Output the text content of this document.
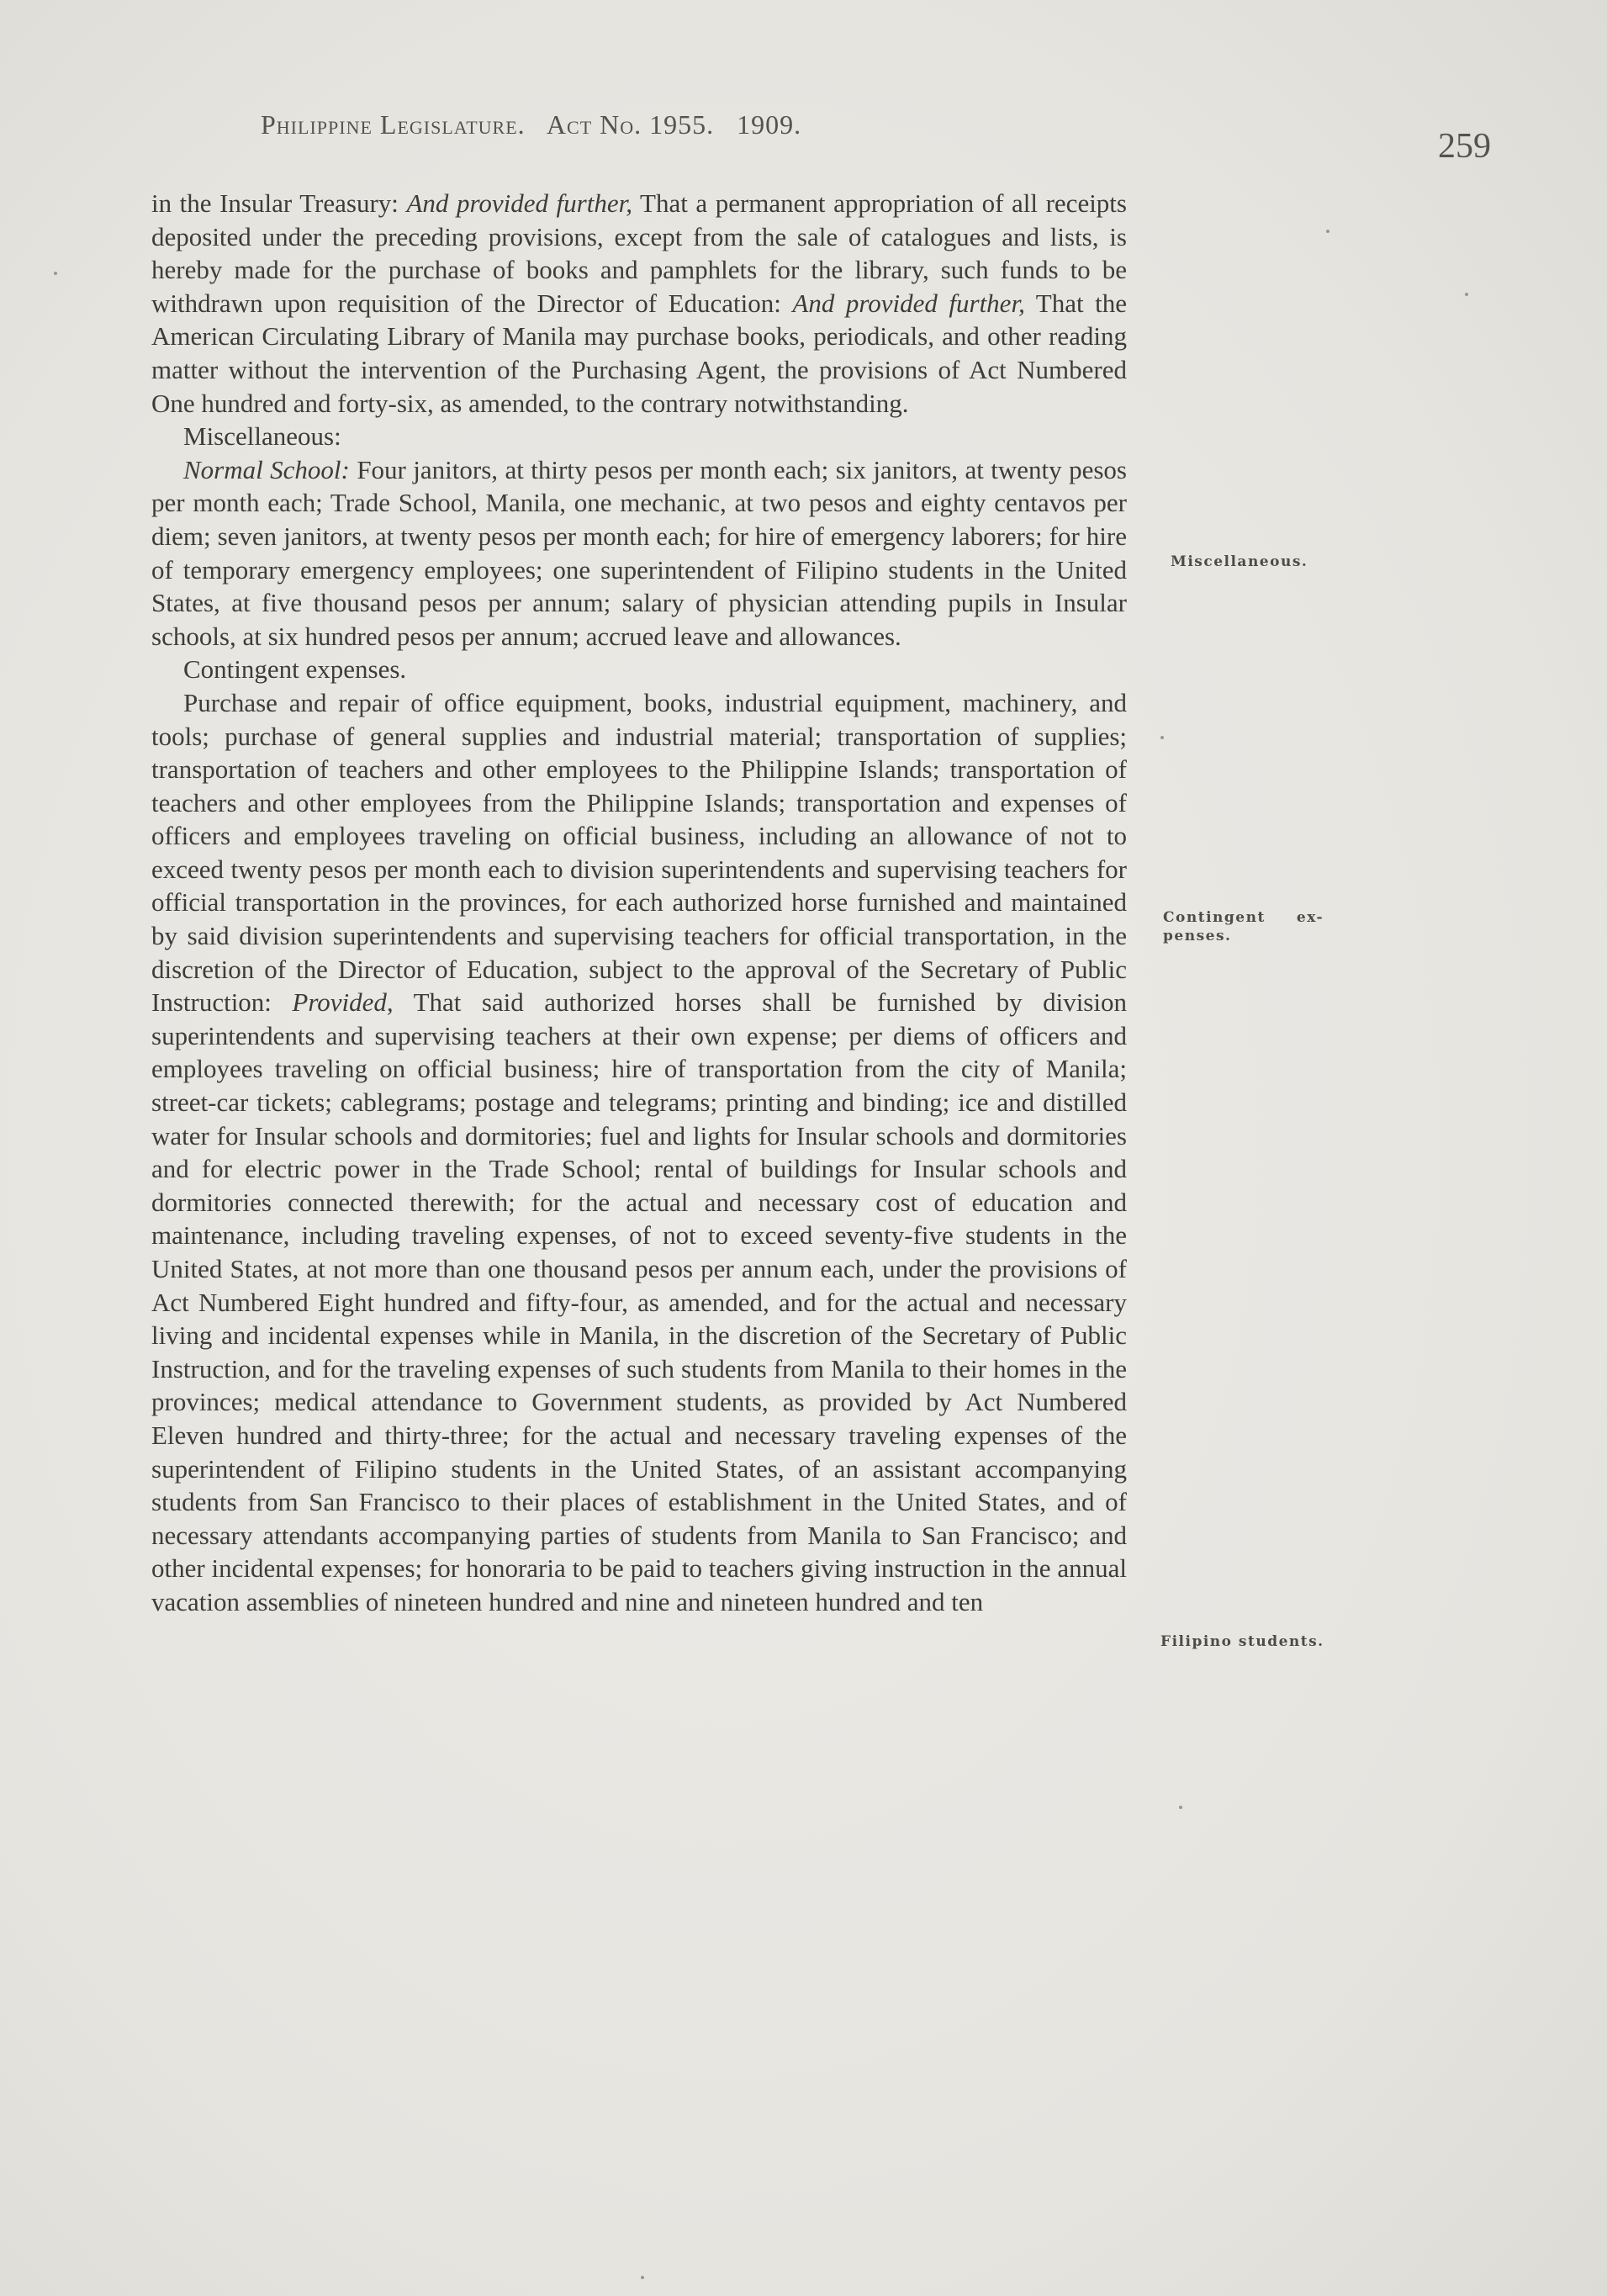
Philippine Legislature. Act No. 1955. 1909.
259

in the Insular Treasury: And provided further, That a permanent appropriation of all receipts deposited under the preceding provisions, except from the sale of catalogues and lists, is hereby made for the purchase of books and pamphlets for the library, such funds to be withdrawn upon requisition of the Director of Education: And provided further, That the American Circulating Library of Manila may purchase books, periodicals, and other reading matter without the intervention of the Purchasing Agent, the provisions of Act Numbered One hundred and forty-six, as amended, to the contrary notwithstanding.

Miscellaneous:

Normal School: Four janitors, at thirty pesos per month each; six janitors, at twenty pesos per month each; Trade School, Manila, one mechanic, at two pesos and eighty centavos per diem; seven janitors, at twenty pesos per month each; for hire of emergency laborers; for hire of temporary emergency employees; one superintendent of Filipino students in the United States, at five thousand pesos per annum; salary of physician attending pupils in Insular schools, at six hundred pesos per annum; accrued leave and allowances.

Contingent expenses.

Purchase and repair of office equipment, books, industrial equipment, machinery, and tools; purchase of general supplies and industrial material; transportation of supplies; transportation of teachers and other employees to the Philippine Islands; transportation of teachers and other employees from the Philippine Islands; transportation and expenses of officers and employees traveling on official business, including an allowance of not to exceed twenty pesos per month each to division superintendents and supervising teachers for official transportation in the provinces, for each authorized horse furnished and maintained by said division superintendents and supervising teachers for official transportation, in the discretion of the Director of Education, subject to the approval of the Secretary of Public Instruction: Provided, That said authorized horses shall be furnished by division superintendents and supervising teachers at their own expense; per diems of officers and employees traveling on official business; hire of transportation from the city of Manila; street-car tickets; cablegrams; postage and telegrams; printing and binding; ice and distilled water for Insular schools and dormitories; fuel and lights for Insular schools and dormitories and for electric power in the Trade School; rental of buildings for Insular schools and dormitories connected therewith; for the actual and necessary cost of education and maintenance, including traveling expenses, of not to exceed seventy-five students in the United States, at not more than one thousand pesos per annum each, under the provisions of Act Numbered Eight hundred and fifty-four, as amended, and for the actual and necessary living and incidental expenses while in Manila, in the discretion of the Secretary of Public Instruction, and for the traveling expenses of such students from Manila to their homes in the provinces; medical attendance to Government students, as provided by Act Numbered Eleven hundred and thirty-three; for the actual and necessary traveling expenses of the superintendent of Filipino students in the United States, of an assistant accompanying students from San Francisco to their places of establishment in the United States, and of necessary attendants accompanying parties of students from Manila to San Francisco; and other incidental expenses; for honoraria to be paid to teachers giving instruction in the annual vacation assemblies of nineteen hundred and nine and nineteen hundred and ten

Miscellaneous.
Contingent     ex-
penses.
Filipino students.
